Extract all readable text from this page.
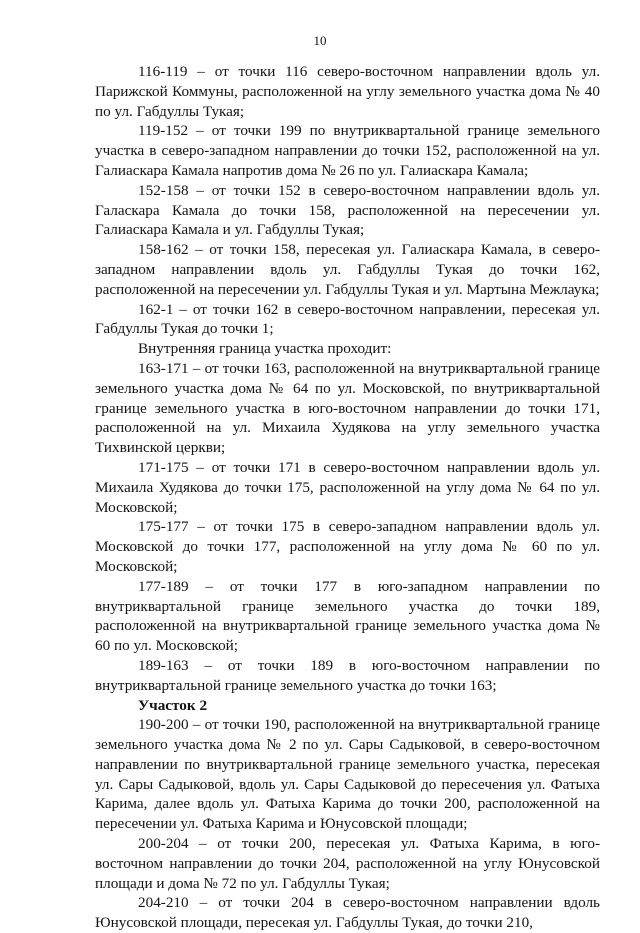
10

116-119 – от точки 116 северо-восточном направлении вдоль ул. Парижской Коммуны, расположенной на углу земельного участка дома № 40 по ул. Габдуллы Тукая;

119-152 – от точки 199 по внутриквартальной границе земельного участка в северо-западном направлении до точки 152, расположенной на ул. Галиаскара Камала напротив дома № 26 по ул. Галиаскара Камала;

152-158 – от точки 152 в северо-восточном направлении вдоль ул. Галаскара Камала до точки 158, расположенной на пересечении ул. Галиаскара Камала и ул. Габдуллы Тукая;

158-162 – от точки 158, пересекая ул. Галиаскара Камала, в северо-западном направлении вдоль ул. Габдуллы Тукая до точки 162, расположенной на пересечении ул. Габдуллы Тукая и ул. Мартына Межлаука;

162-1 – от точки 162 в северо-восточном направлении, пересекая ул. Габдуллы Тукая до точки 1;

Внутренняя граница участка проходит:

163-171 – от точки 163, расположенной на внутриквартальной границе земельного участка дома № 64 по ул. Московской, по внутриквартальной границе земельного участка в юго-восточном направлении до точки 171, расположенной на ул. Михаила Худякова на углу земельного участка Тихвинской церкви;

171-175 – от точки 171 в северо-восточном направлении вдоль ул. Михаила Худякова до точки 175, расположенной на углу дома № 64 по ул. Московской;

175-177 – от точки 175 в северо-западном направлении вдоль ул. Московской до точки 177, расположенной на углу дома № 60 по ул. Московской;

177-189 – от точки 177 в юго-западном направлении по внутриквартальной границе земельного участка до точки 189, расположенной на внутриквартальной границе земельного участка дома № 60 по ул. Московской;

189-163 – от точки 189 в юго-восточном направлении по внутриквартальной границе земельного участка до точки 163;

Участок 2

190-200 – от точки 190, расположенной на внутриквартальной границе земельного участка дома № 2 по ул. Сары Садыковой, в северо-восточном направлении по внутриквартальной границе земельного участка, пересекая ул. Сары Садыковой, вдоль ул. Сары Садыковой до пересечения ул. Фатыха Карима, далее вдоль ул. Фатыха Карима до точки 200, расположенной на пересечении ул. Фатыха Карима и Юнусовской площади;

200-204 – от точки 200, пересекая ул. Фатыха Карима, в юго-восточном направлении до точки 204, расположенной на углу Юнусовской площади и дома № 72 по ул. Габдуллы Тукая;

204-210 – от точки 204 в северо-восточном направлении вдоль Юнусовской площади, пересекая ул. Габдуллы Тукая, до точки 210,
